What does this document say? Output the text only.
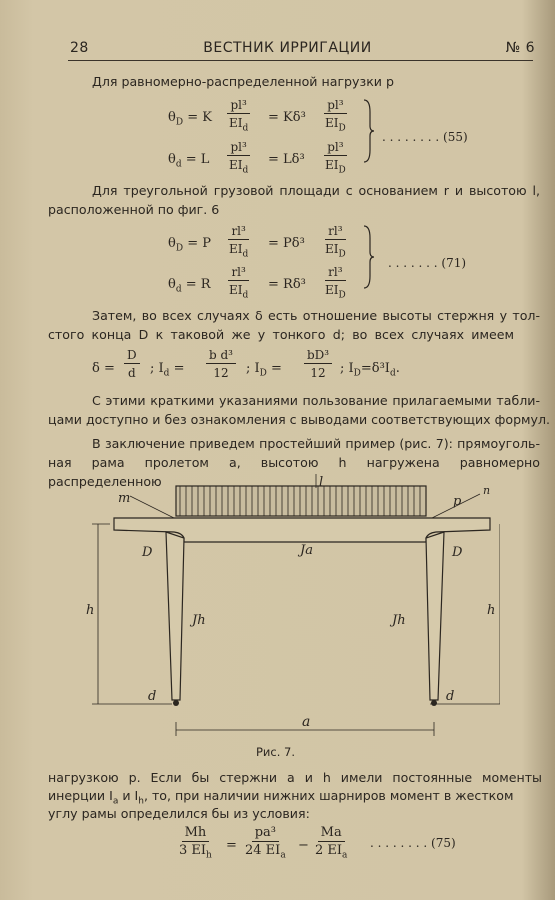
28	ВЕСТНИК ИРРИГАЦИИ	№ 6
Для равномерно-распределенной нагрузки p
$\theta_D = K$
pl³
$EI_d$
= Kδ³
pl³
$EI_D$
$\theta_d = L$
pl³
$EI_d$
= Lδ³
pl³
$EI_D$
. . . . . . . . (55)
Для треугольной грузовой площади с основанием r и высотою l,
расположенной по фиг. 6
$\theta_D = P$
rl³
$EI_d$
= Pδ³
rl³
$EI_D$
$\theta_d = R$
rl³
$EI_d$
= Rδ³
rl³
$EI_D$
. . . . . . . (71)
Затем, во всех случаях δ есть отношение высоты стержня у тол-
стого конца D к таковой же у тонкого d; во всех случаях имеем
$\delta = \frac{D}{d}$ ; $I_d = \frac{\text{b d³}}{12}$ ; $I_D = \frac{\text{bD³}}{12}$ ; $I_D=\delta^3I_d$.
С этими краткими указаниями пользование прилагаемыми табли-
цами доступно и без ознакомления с выводами соответствующих формул.
В заключение приведем простейший пример (рис. 7): прямоуголь-
ная рама пролетом a, высотою h нагружена равномерно распределенною
m	p
n
l
Ja
D	D
Jh	Jh
h	h
d	d
a
Рис. 7.
нагрузкою p. Если бы стержни a и h имели постоянные моменты
инерции $I_a$ и $I_h$, то, при наличии нижних шарниров момент в жестком
углу рамы определился бы из условия:
Mh
3 $EI_h$
=
pa³
24 $EI_a$
−
Ma
2 $EI_a$
. . . . . . . . (75)
